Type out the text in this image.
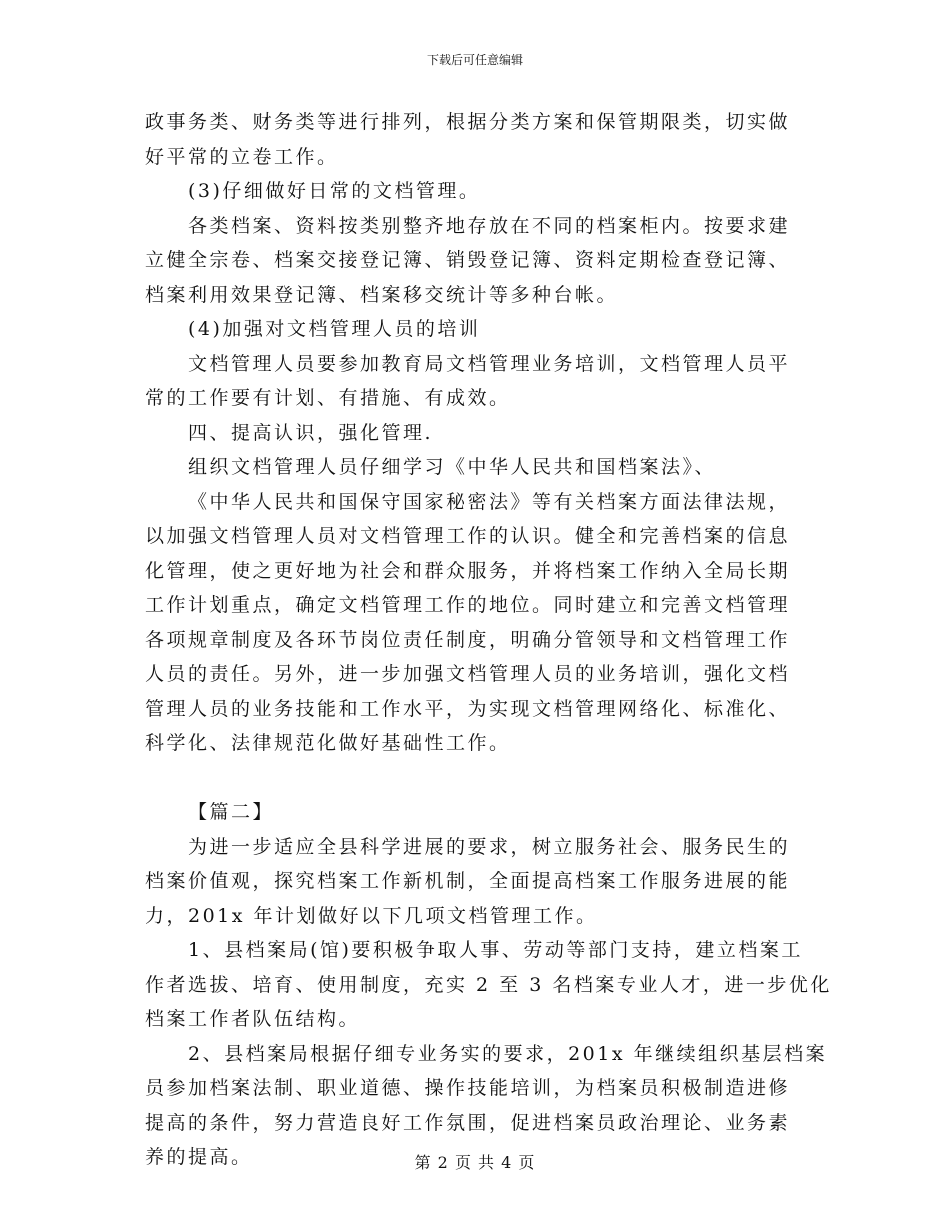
下载后可任意编辑
政事务类、财务类等进行排列，根据分类方案和保管期限类，切实做
好平常的立卷工作。
(3)仔细做好日常的文档管理。
各类档案、资料按类别整齐地存放在不同的档案柜内。按要求建
立健全宗卷、档案交接登记簿、销毁登记簿、资料定期检查登记簿、
档案利用效果登记簿、档案移交统计等多种台帐。
(4)加强对文档管理人员的培训
文档管理人员要参加教育局文档管理业务培训，文档管理人员平
常的工作要有计划、有措施、有成效。
四、提高认识，强化管理.
组织文档管理人员仔细学习《中华人民共和国档案法》、
《中华人民共和国保守国家秘密法》等有关档案方面法律法规，
以加强文档管理人员对文档管理工作的认识。健全和完善档案的信息
化管理，使之更好地为社会和群众服务，并将档案工作纳入全局长期
工作计划重点，确定文档管理工作的地位。同时建立和完善文档管理
各项规章制度及各环节岗位责任制度，明确分管领导和文档管理工作
人员的责任。另外，进一步加强文档管理人员的业务培训，强化文档
管理人员的业务技能和工作水平，为实现文档管理网络化、标准化、
科学化、法律规范化做好基础性工作。
【篇二】
为进一步适应全县科学进展的要求，树立服务社会、服务民生的
档案价值观，探究档案工作新机制，全面提高档案工作服务进展的能
力，201x 年计划做好以下几项文档管理工作。
1、县档案局(馆)要积极争取人事、劳动等部门支持，建立档案工
作者选拔、培育、使用制度，充实 2 至 3 名档案专业人才，进一步优化
档案工作者队伍结构。
2、县档案局根据仔细专业务实的要求，201x 年继续组织基层档案
员参加档案法制、职业道德、操作技能培训，为档案员积极制造进修
提高的条件，努力营造良好工作氛围，促进档案员政治理论、业务素
养的提高。	第 2 页 共 4 页
